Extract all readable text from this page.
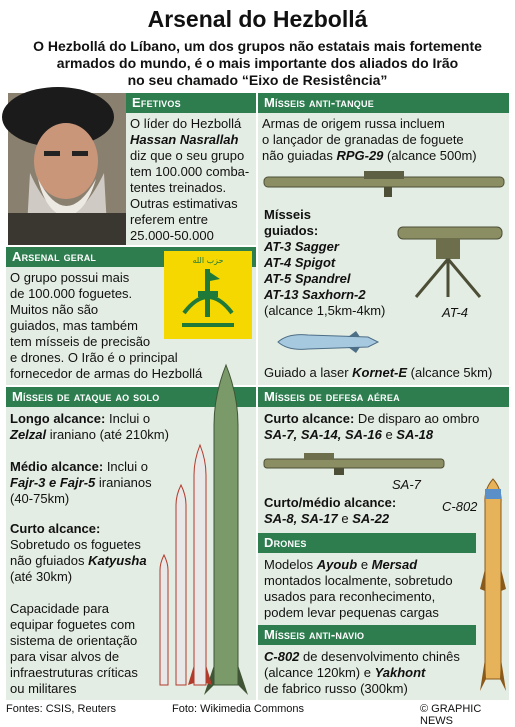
Arsenal do Hezbollá
O Hezbollá do Líbano, um dos grupos não estatais mais fortemente
armados do mundo, é o mais importante dos aliados do Irão
no seu chamado “Eixo de Resistência”
Efetivos
O líder do Hezbollá
Hassan Nasrallah
diz que o seu grupo
tem 100.000 comba-
tentes treinados.
Outras estimativas
referem entre
25.000-50.000
Arsenal geral
O grupo possui mais
de 100.000 foguetes.
Muitos não são
guiados, mas também
tem mísseis de precisão
e drones. O Irão é o principal
fornecedor de armas do Hezbollá
حزب الله
Mísseis anti-tanque
Armas de origem russa incluem
o lançador de granadas de foguete
não guiadas RPG-29 (alcance 500m)
Mísseis
guiados:
AT-3 Sagger
AT-4 Spigot
AT-5 Spandrel
AT-13 Saxhorn-2
(alcance 1,5km-4km)	AT-4
Guiado a laser Kornet-E (alcance 5km)
Mísseis de ataque ao solo
Longo alcance: Inclui o
Zelzal iraniano (até 210km)
Médio alcance: Inclui o
Fajr-3 e Fajr-5 iranianos
(40-75km)
Curto alcance:
Sobretudo os foguetes
não gfuiados Katyusha
(até 30km)
Capacidade para
equipar foguetes com
sistema de orientação
para visar alvos de
infraestruturas críticas
ou militares
Mísseis de defesa aérea
Curto alcance: De disparo ao ombro
SA-7, SA-14, SA-16 e SA-18
SA-7
Curto/médio alcance:
SA-8, SA-17 e SA-22
C-802
Drones
Modelos Ayoub e Mersad
montados localmente, sobretudo
usados para reconhecimento,
podem levar pequenas cargas
Mísseis anti-navio
C-802 de desenvolvimento chinês
(alcance 120km) e Yakhont
de fabrico russo (300km)
Fontes: CSIS, Reuters	Foto: Wikimedia Commons	© GRAPHIC NEWS
